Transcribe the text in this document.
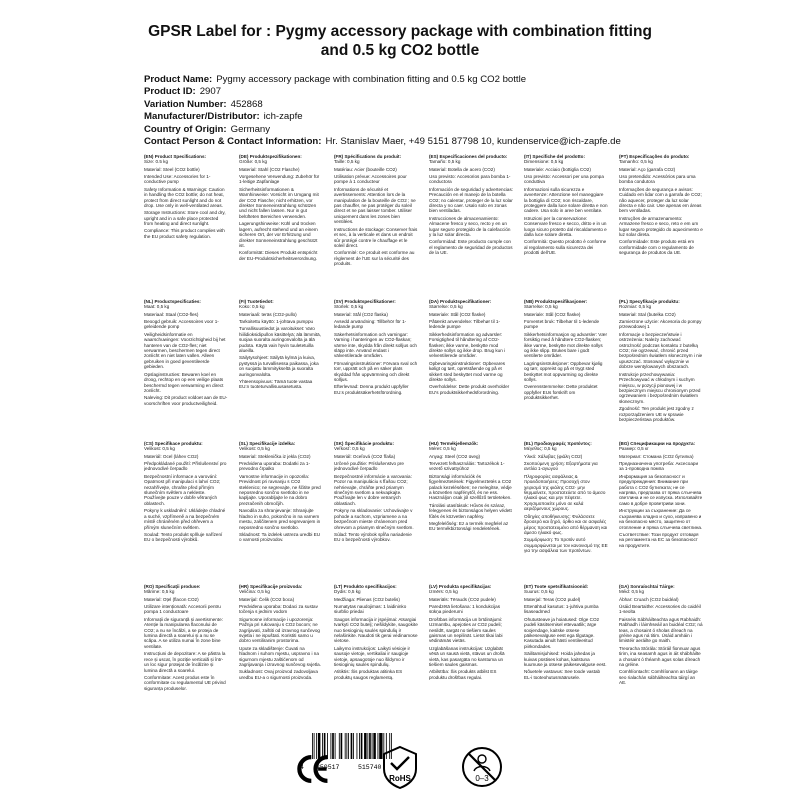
GPSR Label for : Pygmy accessory package with combination fitting
and 0.5 kg CO2 bottle
Product Name: Pygmy accessory package with combination fitting and 0.5 kg CO2 bottle
Product ID: 2907
Variation Number: 452868
Manufacturer/Distributor: ich-zapfe
Country of Origin: Germany
Contact Person & Contact Information: Hr. Stanislav Maer, +49 5151 87798 10, kundenservice@ich-zapfe.de
(EN) Product Specifications:

Size: 0.5 kg

Material: Steel (CO2 bottle)

Intended Use: Accessories for 1-conductive pump

Safety Information & Warnings: Caution in handling the CO2 bottle; do not heat, protect from direct sunlight and do not drop. Use only in well-ventilated areas.

Storage Instructions: Store cool and dry, upright and in a safe place protected from heating and direct sunlight.

Compliance: This product complies with the EU product safety regulation.

(DE) Produktspezifikationen:

Größe: 0,5 kg

Material: Stahl (CO2 Flasche)

Vorgesehene Verwendung: Zubehör für 1-leitige Zapfanlage

Sicherheitsinformationen & Warnhinweise: Vorsicht im Umgang mit der CO2 Flasche; nicht erhitzen, vor direkter Sonneneinstrahlung schützen und nicht fallen lassen. Nur in gut belüfteten Bereichen verwenden.

Lagerungshinweise: Kühl und trocken lagern, aufrecht stehend und an einem sicheren Ort, der vor Erhitzung und direkter Sonneneinstrahlung geschützt ist.

Konformität: Dieses Produkt entspricht der EU-Produktsicherheitsverordnung.

(FR) Spécifications du produit:

Taille: 0,5 kg

Matériau: Acier (bouteille CO2)

Utilisation prévue: Accessoires pour pompe à 1 conducteur

Informations de sécurité et avertissements: Attention lors de la manipulation de la bouteille de CO2 ; ne pas chauffer, ne pas protéger du soleil direct et ne pas laisser tomber. Utiliser uniquement dans les zones bien ventilées.

Instructions de stockage: Conserver frais et sec, à la verticale et dans un endroit sûr protégé contre le chauffage et le soleil direct.

Conformité: Ce produit est conforme au règlement de l'UE sur la sécurité des produits.

(ES) Especificaciones del producto:

Tamaño: 0,5 kg

Material: Botella de acero (CO2)

Uso previsto: Accesorios para bomba 1-conductora

Información de seguridad y advertencias: Precaución en el manejo de la botella CO2; no calentar, proteger de la luz solar directa y no caer. Usalo solo en zonas bien ventiladas.

Instrucciones de almacenamiento: Almacene fresco y seco, recto y en un lugar seguro protegido de la calefacción y la luz solar directa.

Conformidad: Este producto cumple con el reglamento de seguridad de productos de la UE.

(IT) Specifiche del prodotto:

Dimensione: 0,5 kg

Materiale: Acciaio (bottiglia CO2)

Uso previsto: Accessori per una pompa conduttiva

Informazioni sulla sicurezza e avvertenze: Attenzione nel maneggiare la bottiglia di CO2; non riscaldare, proteggere dalla luce solare diretta e non cadere. Usa solo in aree ben ventilate.

Istruzioni per la conservazione: Conservare fresco e secco, dritto e in un luogo sicuro protetto dal riscaldamento e dalla luce solare diretta.

Conformità: Questo prodotto è conforme al regolamento sulla sicurezza dei prodotti dell'UE.

(PT) Especificações do produto:

Tamanho: 0,5 kg

Material: Aço (garrafa CO2)

Uso pretendido: Acessórios para uma bomba condutora

Informações de segurança e avisos: Cuidado em lidar com a garrafa de CO2; não aquecer, proteger da luz solar directa e não cair. Use apenas em áreas bem ventiladas.

Instruções de armazenamento: Armazene fresco e seco, reto e em um lugar seguro protegido do aquecimento e luz solar direta.

Conformidade: Este produto está em conformidade com o regulamento de segurança de produtos da UE.

(NL) Productspecificaties:

Maat: 0,5 kg

Materiaal: Staal (CO2-fles)

Beoogd gebruik: Accessoires voor 1-geleidende pomp

Veiligheidsinformatie en waarschuwingen: Voorzichtigheid bij het hanteren van de CO2-fles; niet verwarmen, beschermen tegen direct zonlicht en niet laten vallen. Alleen gebruiken in goed geventileerde gebieden.

Opslaginstructies: Bewaren koel en droog, rechtop en op een veilige plaats beschermd tegen verwarming en direct zonlicht.

Naleving: Dit product voldoet aan de EU-voorschriften voor productveiligheid.

(FI) Tuotetiedot:

Koko: 0,5 kg

Materiaali: teräs (CO2-pullo)

Tarkoitettu käyttö: 1-johtava pumppu

Turvallisuustiedot ja varoitukset: Varo hiilidioksidipullon käsittelyä; älä lämmitä, suojaa suoralta auringonvalolta ja älä pudota. Käytä vain hyvin tuuletetuilla alueilla.

Säilytysohjeet: Säilytä kylmä ja kuiva, pystyssä ja turvallisessa paikassa, joka on suojattu lämmitykseltä ja suoralta auringonvalolta.

Yhteensopivuus: Tämä tuote vastaa EU:n tuoteturvallisuusasetusta.

(SV) Produktspecifikationer:

Storlek: 0,5 kg

Material: Stål (CO2 flaska)

Avsedd användning: Tillbehör för 1-ledande pump

Säkerhetsinformation och varningar: Varning i hanteringen av CO2-flaskan; värme inte, skydda från direkt solljus och släpp inte. Använd endast i välventilerade områden.

Förvaringsinstruktioner: Förvara sval och torr, upprätt och på en säker plats skyddad från uppvärmning och direkt solljus.

Efterlevnad: Denna produkt uppfyller EU:s produktsäkerhetsförordning.

(DA) Produktspecifikationer:

Størrelse: 0,5 kg

Materiale: Stål (CO2 flaske)

Påtænkt anvendelse: Tilbehør til 1-ledende pumpe

Sikkerhedsinformation og advarsler: Forsigtighed til håndtering af CO2-flasken; ikke varme, beskytte mod direkte sollys og ikke drop. Brug kun i velventilerede områder.

Opbevaringsinstruktioner: Opbevares køligt og tørt, opretstående og på et sikkert sted beskyttet mod varme og direkte sollys.

Overholdelse: Dette produkt overholder EU's produktsikkerhedsforordning.

(NB) Produktspesifikasjoner:

Størrelse: 0,5 kg

Materiale: Stål (CO2 flaske)

Forventet bruk: Tilbehør til 1-ledende pumpe

Sikkerhetsinformasjon og advarsler: Vær forsiktig med å håndtere CO2-flasken; ikke varme, beskytte mot direkte sollys og ikke slipp. Brukes bare i godt ventilerte områder.

Lagringsinstruksjoner: Oppbevar kjølig og tørr, oppreist og på et trygt sted beskyttet mot oppvarming og direkte sollys.

Overensstemmelse: Dette produktet oppfyller EUs forskrift om produktsikkerhet.

(PL) Specyfikacje produktu:

Rozmiar: 0,5 kg

Materiał: Stal (butelka CO2)

Zamierzone użycie: Akcesoria do pompy przewodowej 1

Informacje o bezpieczeństwie i ostrzeżenia: Należy zachować ostrożność podczas kontaktu z butelką CO2; nie ogrzewać, chronić przed bezpośrednim światłem słonecznym i nie upuszczać. Stosować wyłącznie w dobrze wentylowanych obszarach.

Instrukcje przechowywania: Przechowywać w chłodnym i suchym miejscu, w pozycji pionowej i w bezpiecznym miejscu chronionym przed ogrzewaniem i bezpośrednim światłem słonecznym.

Zgodność: Ten produkt jest zgodny z rozporządzeniem UE w sprawie bezpieczeństwa produktów.

(CS) Specifikace produktu:

Velikost: 0,5 kg

Materiál: Ocel (láhev CO2)

Předpokládané použití: Příslušenství pro jednovodivé čerpadlo

Bezpečnostní informace a varování: Opatrnost při manipulaci s lahví CO2; nezahřívejte, chraňte před přímým slunečním světlem a nekleste. Používejte pouze v dobře větraných oblastech.

Pokyny k uskladnění: Ukládejte chladné a suché, vzpřímeně a na bezpečném místě chráněném před ohřevem a přímým slunečním světlem.

Soulad: Tento produkt splňuje nařízení EU o bezpečnosti výrobků.

(SL) Specifikacije izdelka:

Velikost: 0,5 kg

Material: Steklenička iz jekla (CO2)

Predvidena uporaba: Dodatki za 1-prevodno črpalko

Varnostne informacije in opozorila: Previdnost pri ravnanju s CO2 steklenico; ne segrevajte, ne ščitite pred neposredno sončno svetlobo in ne kapljajte. Uporabljajte le na dobro prezračenih območjih.

Navodila za shranjevanje: Shranjujte hladno in suho, pokončno in na varnem mestu, zaščitenem pred segrevanjem in neposredno sončno svetlobo.

Skladnost: Ta izdelek ustreza uredbi EU o varnosti proizvodov.

(SK) Špecifikácie produktu:

Veľkosť: 0,5 kg

Materiál: Oceľová (CO2 fľaša)

Určené použitie: Príslušenstvo pre jednovodivé čerpadlo

Bezpečnostné informácie a varovania: Pozor na manipuláciu s fľašou CO2; nehrievajte, chráňte pred priamym slnečným svetlom a nekvapkajte. Používajte len v dobre vetraných oblastiach.

Pokyny na skladovanie: Uchovávajte v pohode a suchom, vzpriamene a na bezpečnom mieste chránenom pred ohrevom a priamym slnečným svetlom.

Súlad: Tento výrobok spĺňa nariadenie EU o bezpečnosti výrobkov.

(HU) Termékjellemzők:

Méret: 0,5 kg

Anyag: Steel (CO2 üveg)

Tervezett felhasználás: Tartozékok 1-vezető szivattyúhoz

Biztonsági információk és figyelmeztetések: Figyelmeztetés a CO2 palack kezelésében; ne melegítse, védje a közvetlen napfénytől, és ne ess. Használjon csak jól szellőző területeken.

Tárolási utasítások: Hűvös és száraz, felegyenes és biztonságos helyen védett fűtés és közvetlen napfény.

Megfelelőség: Ez a termék megfelel az EU termékbiztonsági rendeletének.

(EL) Προδιαγραφές προϊόντος:

Μέγεθος: 0,5 kg

Υλικό: Χάλυβας (φιάλη CO2)

Σκοπούμενη χρήση: Εξαρτήματα για αντλία 1-αγωγού

Πληροφορίες ασφάλειας & προειδοποιήσεις: Προσοχή στον χειρισμό της φιάλης CO2· μην θερμαίνετε, προστατεύετε από το άμεσο ηλιακό φως και μην πέφτετε. Χρησιμοποιείτε μόνο σε καλά αεριζόμενους χώρους.

Οδηγίες αποθήκευσης: Φυλάσσετε δροσερό και ξηρό, όρθιο και σε ασφαλές μέρος προστατευμένο από θέρμανση και άμεσο ηλιακό φως.

Συμμόρφωση: Το προϊόν αυτό συμμορφώνεται με τον κανονισμό της ΕΕ για την ασφάλεια των προϊόντων.

(BG) Спецификации на продукта:

Размер: 0,5 кг

Материал: Стомана (CO2 бутилка)

Предназначена употреба: Аксесоари за 1-проводна помпа

Информация за безопасност и предупреждения: Внимание при работа с CO2 бутилката; не се нагрява, предпазва от пряка слънчева светлина и не се изпуска. Използвайте само в добре проветриви зони.

Инструкции за съхранение: Да се съхранява хладно и сухо, изправено и на безопасно място, защитено от отопление и пряка слънчева светлина.

Съответствие: Този продукт отговаря на регламента на ЕС за безопасност на продуктите.

(RO) Specificații produse:

Mărime: 0,5 kg

Material: Oțel (flacon CO2)

Utilizare intenționată: Accesorii pentru pompa 1 conductoare

Informații de siguranță și avertismente: Atenție la manipularea flaconului de CO2; a nu se încălzi, a se proteja de lumina directă a soarelui și a nu se scăpa. A se utiliza numai în zone bine ventilate.

Instrucțiuni de depozitare: A se păstra la rece și uscat, în poziție verticală și într-un loc sigur protejat de încălzire și lumina directă a soarelui.

Conformitate: Acest produs este în conformitate cu regulamentul UE privind siguranța produselor.

(HR) Specifikacije proizvoda:

Veličina: 0,5 kg

Materijal: Čelik (CO2 boca)

Predviđena uporaba: Dodaci za sustav točenja s jednim vodom

Sigurnosne informacije i upozorenja: Pažnja pri rukovanju s CO2 bocom; ne zagrijavati, zaštiti od izravnog sunčevog svjetla i ne ispuštati. Koristiti samo u dobro ventiliranim prostorima.

Upute za skladištenje: Čuvati na hladnom i suhom mjestu, uspravno i na sigurnom mjestu zaštićenom od zagrijavanja i izravnog sunčevog svjetla.

Sukladnost: Ovaj proizvod zadovoljava uredbu EU-a o sigurnosti proizvoda.

(LT) Produkto specifikacijos:

Dydis: 0,5 kg

Medžiaga: Plienas (CO2 butelis)

Numatytas naudojimas: 1 laidininko siurblio priedai

Saugos informacija ir įspėjimai: Atsargiai tvarkyti CO2 butelį; nešildykite, saugokite nuo tiesioginių saulės spindulių ir nelašinkite. Naudoti tik gerai vėdinamose vietose.

Laikymo instrukcijos: Laikyti vėsioje ir sausoje vietoje, vertikaliai ir saugioje vietoje, apsaugotoje nuo šildymo ir tiesioginių saulės spindulių.

Atitiktis: Šis produktas atitinka ES produktų saugos reglamentą.

(LV) Produkta specifikācijas:

Izmērs: 0,5 kg

Materiāls: Tērauds (CO2 pudele)

Paredzētā lietošana: 1 kondukcijas sūkņa piederumi

Drošības informācija un brīdinājumi: Uzmanību, apejoties ar CO2 pudeli; nesildīt, sargāt no tiešiem saules gaismas un nepilināt. Lietot tikai labi vēdināmās vietās.

Uzglabāšanas instrukcijas: Uzglabāt vēsā un sausā vietā, stāvus un drošā vietā, kas pasargāta no karstuma un tiešiem saules gaismas.

Atbilstība: Šis produkts atbilst ES produktu drošības regulai.

(ET) Toote spetsifikatsioonid:

Suurus: 0,5 kg

Materjal: Teras (CO2 pudel)

Ettenähtud kasutus: 1-juhtiva pumba lisaseadmed

Ohutusteave ja hoiatused: Olge CO2 pudeli käsitsemisel ettevaatlik; ärge soojendage, kaitske otsese päikesevalguse eest ega tilgutage. Kasutada ainult hästi ventileeritud piirkondades.

Säilitamisjuhised: Hoida jahedas ja kuivas püstises kohas, kaitstuna kuumuse ja otsese päikesevalguse eest.

Nõuetele vastavus: See toode vastab EL-i tooteohutusmäärusele.

(GA) Sonraíochtaí Táirge:

Méid: 0,5 kg

Ábhar: Cruach (CO2 buidéal)

Úsáid Beartaithe: Accessories do caidéil 1-seolta

Faisnéis Sábháilteachta agus Rabhaidh: Rabhadh i láimhseáil an buidéal CO2; ná teas, a chosaint ó sholas díreach na gréine agus ná titim. Úsáid amháin i limistéir aeráilte go maith.

Treoracha Stórála: Stóráil fionnuar agus tirim, ina seasamh agus in áit shábháilte a chosaint ó théamh agus solas díreach na gréine.

Comhlíontacht: Comhlíonann an táirge seo rialachán sábháilteachta táirgí an AE.

4 250517	515740
RoHS	0–3
